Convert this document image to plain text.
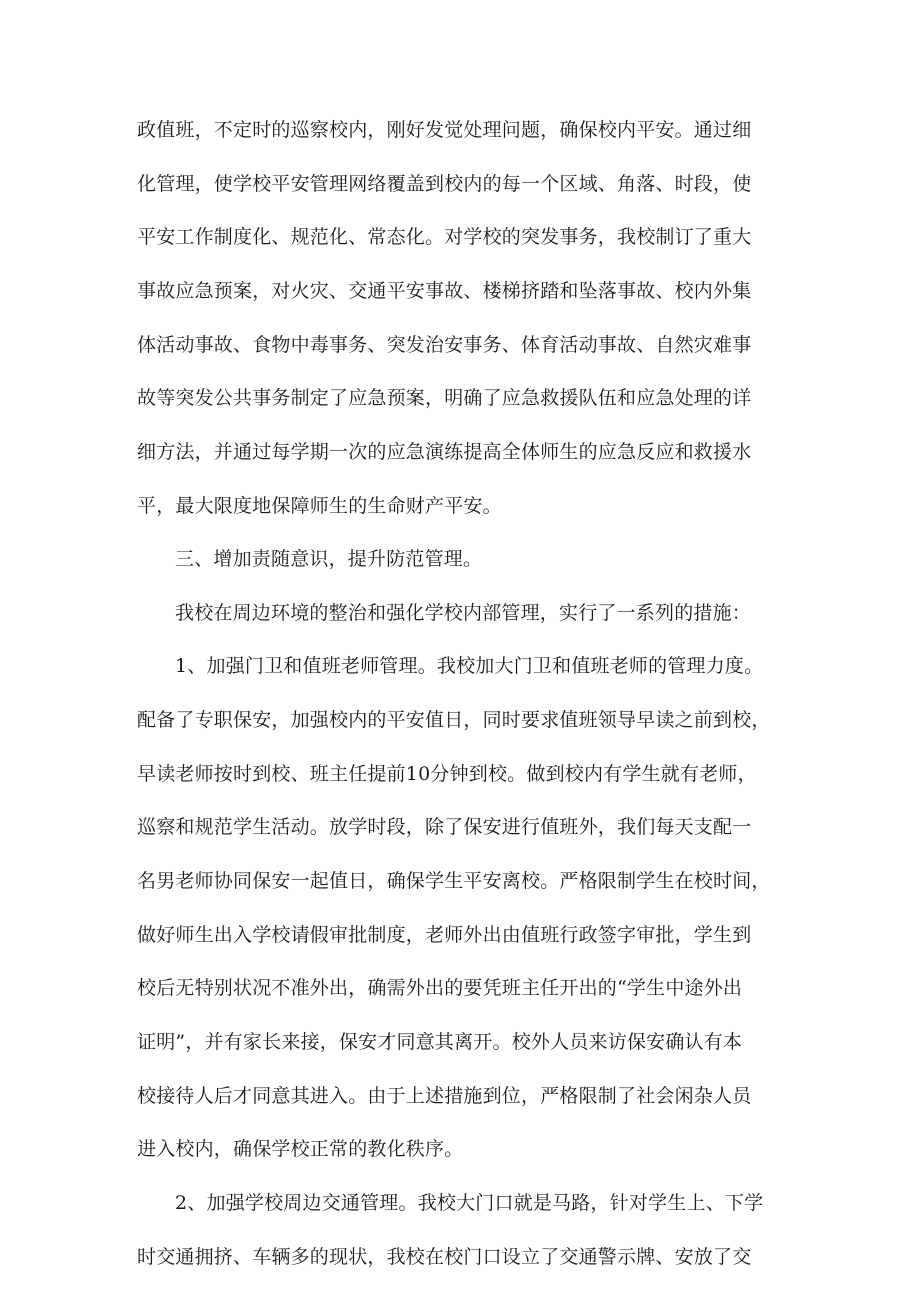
政值班，不定时的巡察校内，刚好发觉处理问题，确保校内平安。通过细
化管理，使学校平安管理网络覆盖到校内的每一个区域、角落、时段，使
平安工作制度化、规范化、常态化。对学校的突发事务，我校制订了重大
事故应急预案，对火灾、交通平安事故、楼梯挤踏和坠落事故、校内外集
体活动事故、食物中毒事务、突发治安事务、体育活动事故、自然灾难事
故等突发公共事务制定了应急预案，明确了应急救援队伍和应急处理的详
细方法，并通过每学期一次的应急演练提高全体师生的应急反应和救援水
平，最大限度地保障师生的生命财产平安。
三、增加责随意识，提升防范管理。
我校在周边环境的整治和强化学校内部管理，实行了一系列的措施：
1、加强门卫和值班老师管理。我校加大门卫和值班老师的管理力度。
配备了专职保安，加强校内的平安值日，同时要求值班领导早读之前到校，
早读老师按时到校、班主任提前10分钟到校。做到校内有学生就有老师，
巡察和规范学生活动。放学时段，除了保安进行值班外，我们每天支配一
名男老师协同保安一起值日，确保学生平安离校。严格限制学生在校时间，
做好师生出入学校请假审批制度，老师外出由值班行政签字审批，学生到
校后无特别状况不准外出，确需外出的要凭班主任开出的“学生中途外出
证明”，并有家长来接，保安才同意其离开。校外人员来访保安确认有本
校接待人后才同意其进入。由于上述措施到位，严格限制了社会闲杂人员
进入校内，确保学校正常的教化秩序。
2、加强学校周边交通管理。我校大门口就是马路，针对学生上、下学
时交通拥挤、车辆多的现状，我校在校门口设立了交通警示牌、安放了交
